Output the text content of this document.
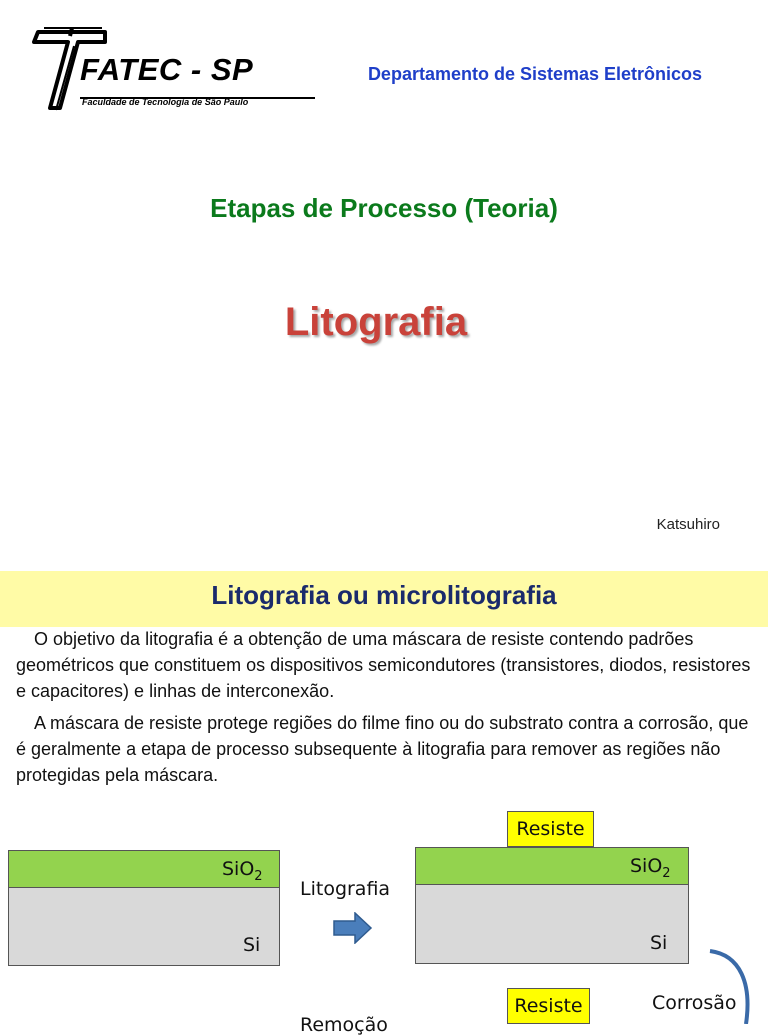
FATEC - SP
Faculdade de Tecnologia de São Paulo
Departamento de Sistemas Eletrônicos
Etapas de Processo (Teoria)
Litografia
Katsuhiro
Litografia ou microlitografia
O objetivo da litografia é a obtenção de uma máscara de resiste contendo padrões geométricos que constituem os dispositivos semicondutores (transistores, diodos, resistores e capacitores) e linhas de interconexão.
A máscara de resiste protege regiões do filme fino ou do substrato contra a corrosão, que é geralmente a etapa de processo subsequente à litografia para remover as regiões não protegidas pela máscara.
SiO$_2$
Si
Litografia
Resiste
SiO$_2$
Si
Resiste	Corrosão
Remoção
